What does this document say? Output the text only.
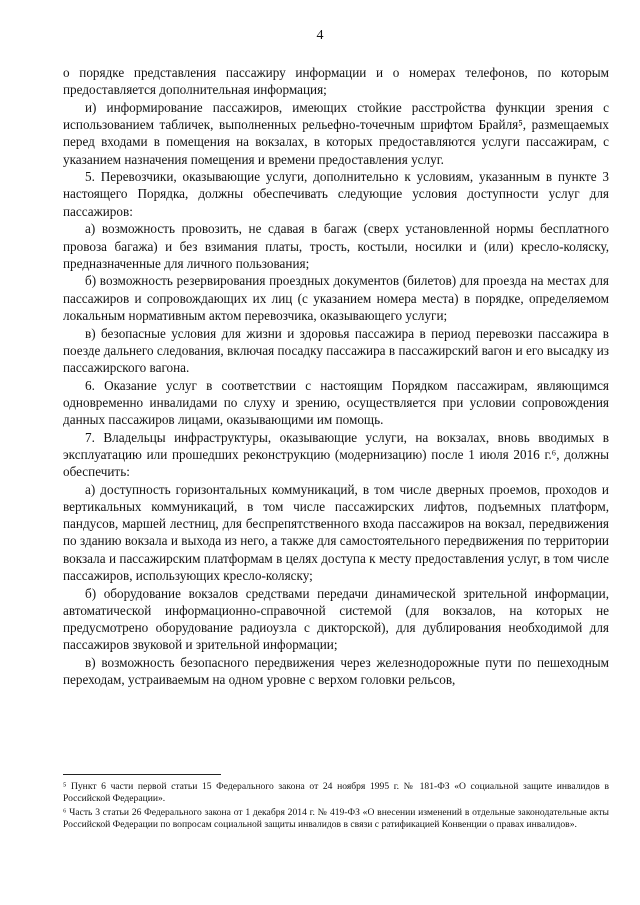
4

о порядке представления пассажиру информации и о номерах телефонов, по которым предоставляется дополнительная информация;

и) информирование пассажиров, имеющих стойкие расстройства функции зрения с использованием табличек, выполненных рельефно-точечным шрифтом Брайля⁵, размещаемых перед входами в помещения на вокзалах, в которых предоставляются услуги пассажирам, с указанием назначения помещения и времени предоставления услуг.

5. Перевозчики, оказывающие услуги, дополнительно к условиям, указанным в пункте 3 настоящего Порядка, должны обеспечивать следующие условия доступности услуг для пассажиров:

а) возможность провозить, не сдавая в багаж (сверх установленной нормы бесплатного провоза багажа) и без взимания платы, трость, костыли, носилки и (или) кресло-коляску, предназначенные для личного пользования;

б) возможность резервирования проездных документов (билетов) для проезда на местах для пассажиров и сопровождающих их лиц (с указанием номера места) в порядке, определяемом локальным нормативным актом перевозчика, оказывающего услуги;

в) безопасные условия для жизни и здоровья пассажира в период перевозки пассажира в поезде дальнего следования, включая посадку пассажира в пассажирский вагон и его высадку из пассажирского вагона.

6. Оказание услуг в соответствии с настоящим Порядком пассажирам, являющимся одновременно инвалидами по слуху и зрению, осуществляется при условии сопровождения данных пассажиров лицами, оказывающими им помощь.

7. Владельцы инфраструктуры, оказывающие услуги, на вокзалах, вновь вводимых в эксплуатацию или прошедших реконструкцию (модернизацию) после 1 июля 2016 г.⁶, должны обеспечить:

а) доступность горизонтальных коммуникаций, в том числе дверных проемов, проходов и вертикальных коммуникаций, в том числе пассажирских лифтов, подъемных платформ, пандусов, маршей лестниц, для беспрепятственного входа пассажиров на вокзал, передвижения по зданию вокзала и выхода из него, а также для самостоятельного передвижения по территории вокзала и пассажирским платформам в целях доступа к месту предоставления услуг, в том числе пассажиров, использующих кресло-коляску;

б) оборудование вокзалов средствами передачи динамической зрительной информации, автоматической информационно-справочной системой (для вокзалов, на которых не предусмотрено оборудование радиоузла с дикторской), для дублирования необходимой для пассажиров звуковой и зрительной информации;

в) возможность безопасного передвижения через железнодорожные пути по пешеходным переходам, устраиваемым на одном уровне с верхом головки рельсов,

⁵ Пункт 6 части первой статьи 15 Федерального закона от 24 ноября 1995 г. № 181-ФЗ «О социальной защите инвалидов в Российской Федерации».

⁶ Часть 3 статьи 26 Федерального закона от 1 декабря 2014 г. № 419-ФЗ «О внесении изменений в отдельные законодательные акты Российской Федерации по вопросам социальной защиты инвалидов в связи с ратификацией Конвенции о правах инвалидов».
